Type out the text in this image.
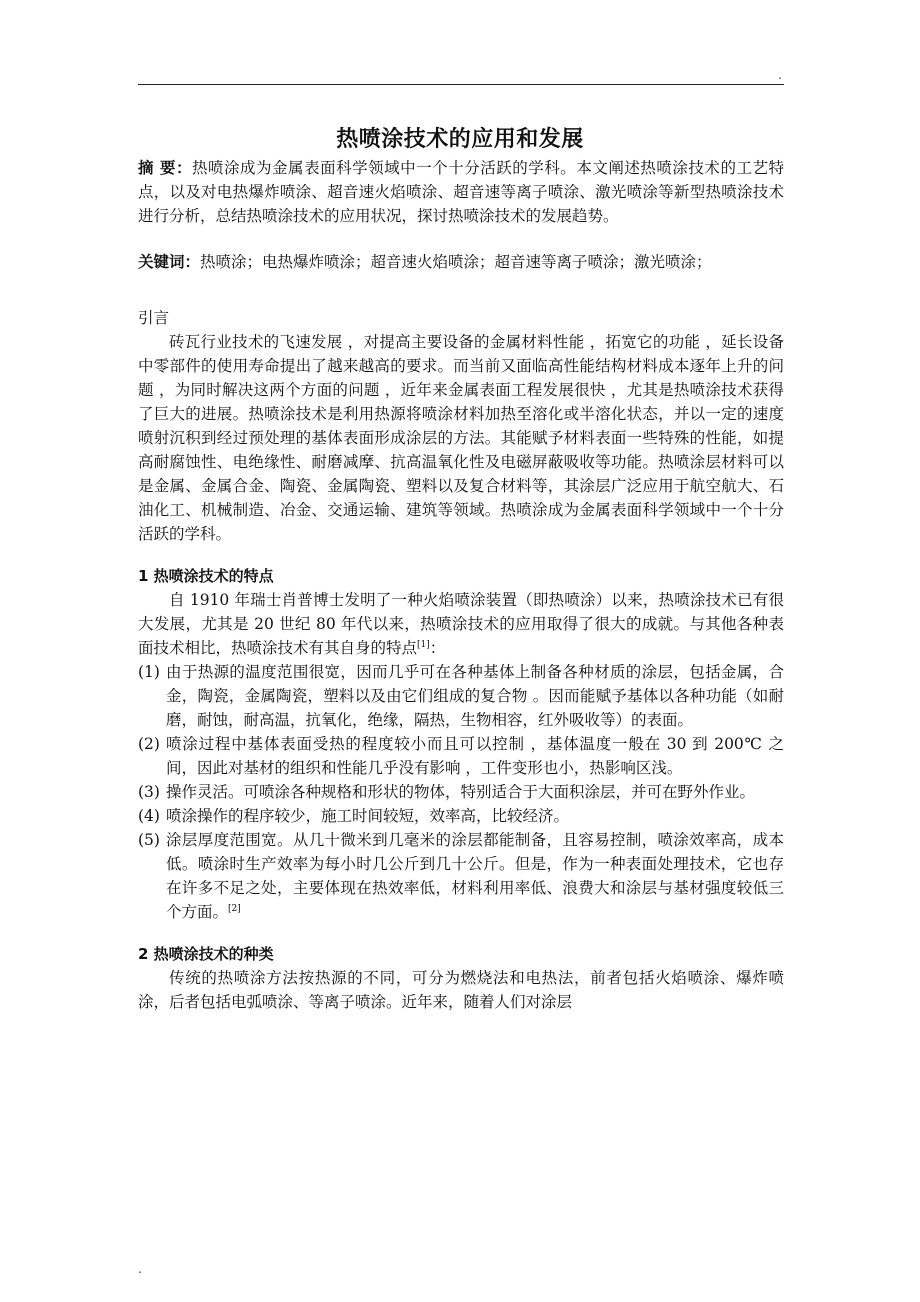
.
热喷涂技术的应用和发展

摘 要：热喷涂成为金属表面科学领域中一个十分活跃的学科。本文阐述热喷涂技术的工艺特点，以及对电热爆炸喷涂、超音速火焰喷涂、超音速等离子喷涂、激光喷涂等新型热喷涂技术进行分析，总结热喷涂技术的应用状况，探讨热喷涂技术的发展趋势。

关键词：热喷涂；电热爆炸喷涂；超音速火焰喷涂；超音速等离子喷涂；激光喷涂；

引言

砖瓦行业技术的飞速发展 ，对提高主要设备的金属材料性能 ，拓宽它的功能 ，延长设备中零部件的使用寿命提出了越来越高的要求。而当前又面临高性能结构材料成本逐年上升的问题 ，为同时解决这两个方面的问题 ，近年来金属表面工程发展很快 ，尤其是热喷涂技术获得了巨大的进展。热喷涂技术是利用热源将喷涂材料加热至溶化或半溶化状态，并以一定的速度喷射沉积到经过预处理的基体表面形成涂层的方法。其能赋予材料表面一些特殊的性能，如提高耐腐蚀性、电绝缘性、耐磨减摩、抗高温氧化性及电磁屏蔽吸收等功能。热喷涂层材料可以是金属、金属合金、陶瓷、金属陶瓷、塑料以及复合材料等，其涂层广泛应用于航空航大、石油化工、机械制造、冶金、交通运输、建筑等领域。热喷涂成为金属表面科学领域中一个十分活跃的学科。

1 热喷涂技术的特点

自 1910 年瑞士肖普博士发明了一种火焰喷涂装置（即热喷涂）以来，热喷涂技术已有很大发展，尤其是 20 世纪 80 年代以来，热喷涂技术的应用取得了很大的成就。与其他各种表面技术相比，热喷涂技术有其自身的特点[1]：

(1) 由于热源的温度范围很宽，因而几乎可在各种基体上制备各种材质的涂层，包括金属，合金，陶瓷，金属陶瓷，塑料以及由它们组成的复合物 。因而能赋予基体以各种功能（如耐磨，耐蚀，耐高温，抗氧化，绝缘，隔热，生物相容，红外吸收等）的表面。
(2) 喷涂过程中基体表面受热的程度较小而且可以控制 ，基体温度一般在 30 到 200℃ 之间，因此对基材的组织和性能几乎没有影响 ，工件变形也小，热影响区浅。
(3) 操作灵活。可喷涂各种规格和形状的物体，特别适合于大面积涂层，并可在野外作业。
(4) 喷涂操作的程序较少，施工时间较短，效率高，比较经济。
(5) 涂层厚度范围宽。从几十微米到几毫米的涂层都能制备，且容易控制，喷涂效率高，成本低。喷涂时生产效率为每小时几公斤到几十公斤。但是，作为一种表面处理技术，它也存在许多不足之处，主要体现在热效率低，材料利用率低、浪费大和涂层与基材强度较低三个方面。[2]

2 热喷涂技术的种类

传统的热喷涂方法按热源的不同，可分为燃烧法和电热法，前者包括火焰喷涂、爆炸喷涂，后者包括电弧喷涂、等离子喷涂。近年来，随着人们对涂层

.
